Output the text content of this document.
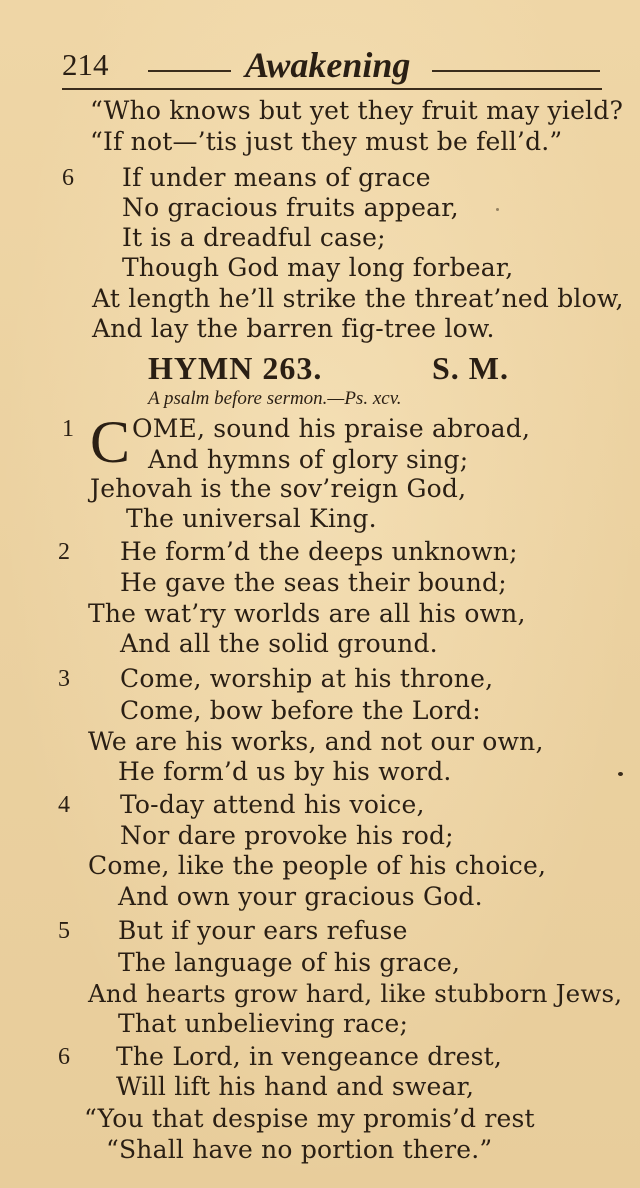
214	Awakening
“Who knows but yet they fruit may yield?
“If not—’tis just they must be fell’d.”
6 If under means of grace
No gracious fruits appear,
It is a dreadful case;
Though God may long forbear,
At length he’ll strike the threat’ned blow,
And lay the barren fig-tree low.
HYMN 263.	S. M.
A psalm before sermon.—Ps. xcv.
1 C OME, sound his praise abroad,
And hymns of glory sing;
Jehovah is the sov’reign God,
The universal King.
2 He form’d the deeps unknown;
He gave the seas their bound;
The wat’ry worlds are all his own,
And all the solid ground.
3 Come, worship at his throne,
Come, bow before the Lord:
We are his works, and not our own,
He form’d us by his word.
4 To-day attend his voice,
Nor dare provoke his rod;
Come, like the people of his choice,
And own your gracious God.
5 But if your ears refuse
The language of his grace,
And hearts grow hard, like stubborn Jews,
That unbelieving race;
6 The Lord, in vengeance drest,
Will lift his hand and swear,
“You that despise my promis’d rest
“Shall have no portion there.”
